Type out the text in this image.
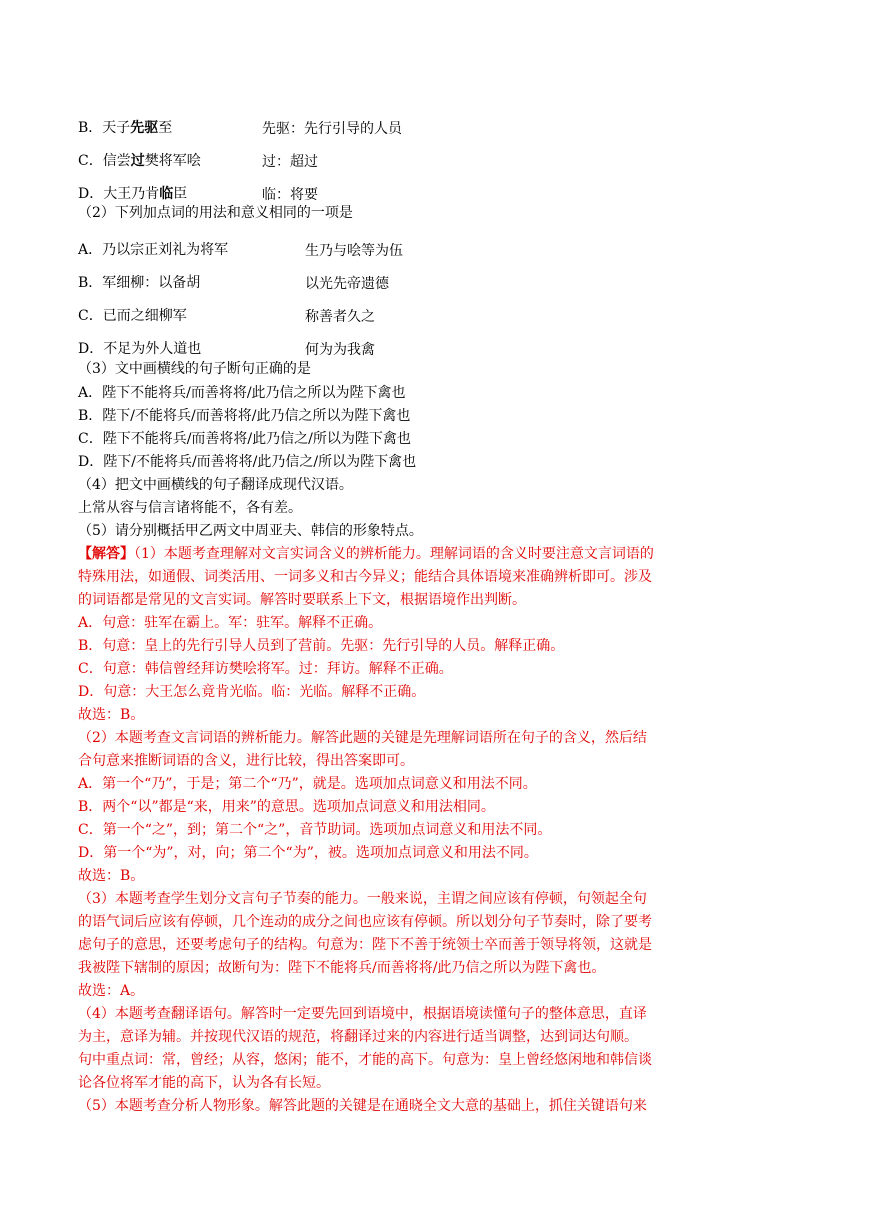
B．天子先驱至	先驱：先行引导的人员
C．信尝过樊将军哙	过：超过
D．大王乃肯临臣	临：将要
（2）下列加点词的用法和意义相同的一项是
A．乃以宗正刘礼为将军	生乃与哙等为伍
B．军细柳：以备胡	以光先帝遗德
C．已而之细柳军	称善者久之
D．不足为外人道也	何为为我禽
（3）文中画横线的句子断句正确的是
A．陛下不能将兵/而善将将/此乃信之所以为陛下禽也
B．陛下/不能将兵/而善将将/此乃信之所以为陛下禽也
C．陛下不能将兵/而善将将/此乃信之/所以为陛下禽也
D．陛下/不能将兵/而善将将/此乃信之/所以为陛下禽也
（4）把文中画横线的句子翻译成现代汉语。
上常从容与信言诸将能不，各有差。
（5）请分别概括甲乙两文中周亚夫、韩信的形象特点。
【解答】（1）本题考查理解对文言实词含义的辨析能力。理解词语的含义时要注意文言词语的
特殊用法，如通假、词类活用、一词多义和古今异义；能结合具体语境来准确辨析即可。涉及
的词语都是常见的文言实词。解答时要联系上下文，根据语境作出判断。
A．句意：驻军在霸上。军：驻军。解释不正确。
B．句意：皇上的先行引导人员到了营前。先驱：先行引导的人员。解释正确。
C．句意：韩信曾经拜访樊哙将军。过：拜访。解释不正确。
D．句意：大王怎么竟肯光临。临：光临。解释不正确。
故选：B。
（2）本题考查文言词语的辨析能力。解答此题的关键是先理解词语所在句子的含义，然后结
合句意来推断词语的含义，进行比较，得出答案即可。
A．第一个“乃”，于是；第二个“乃”，就是。选项加点词意义和用法不同。
B．两个“以”都是“来，用来”的意思。选项加点词意义和用法相同。
C．第一个“之”，到；第二个“之”，音节助词。选项加点词意义和用法不同。
D．第一个“为”，对，向；第二个“为”，被。选项加点词意义和用法不同。
故选：B。
（3）本题考查学生划分文言句子节奏的能力。一般来说，主谓之间应该有停顿，句领起全句
的语气词后应该有停顿，几个连动的成分之间也应该有停顿。所以划分句子节奏时，除了要考
虑句子的意思，还要考虑句子的结构。句意为：陛下不善于统领士卒而善于领导将领，这就是
我被陛下辖制的原因；故断句为：陛下不能将兵/而善将将/此乃信之所以为陛下禽也。
故选：A。
（4）本题考查翻译语句。解答时一定要先回到语境中，根据语境读懂句子的整体意思，直译
为主，意译为辅。并按现代汉语的规范，将翻译过来的内容进行适当调整，达到词达句顺。
句中重点词：常，曾经；从容，悠闲；能不，才能的高下。句意为：皇上曾经悠闲地和韩信谈
论各位将军才能的高下，认为各有长短。
（5）本题考查分析人物形象。解答此题的关键是在通晓全文大意的基础上，抓住关键语句来
